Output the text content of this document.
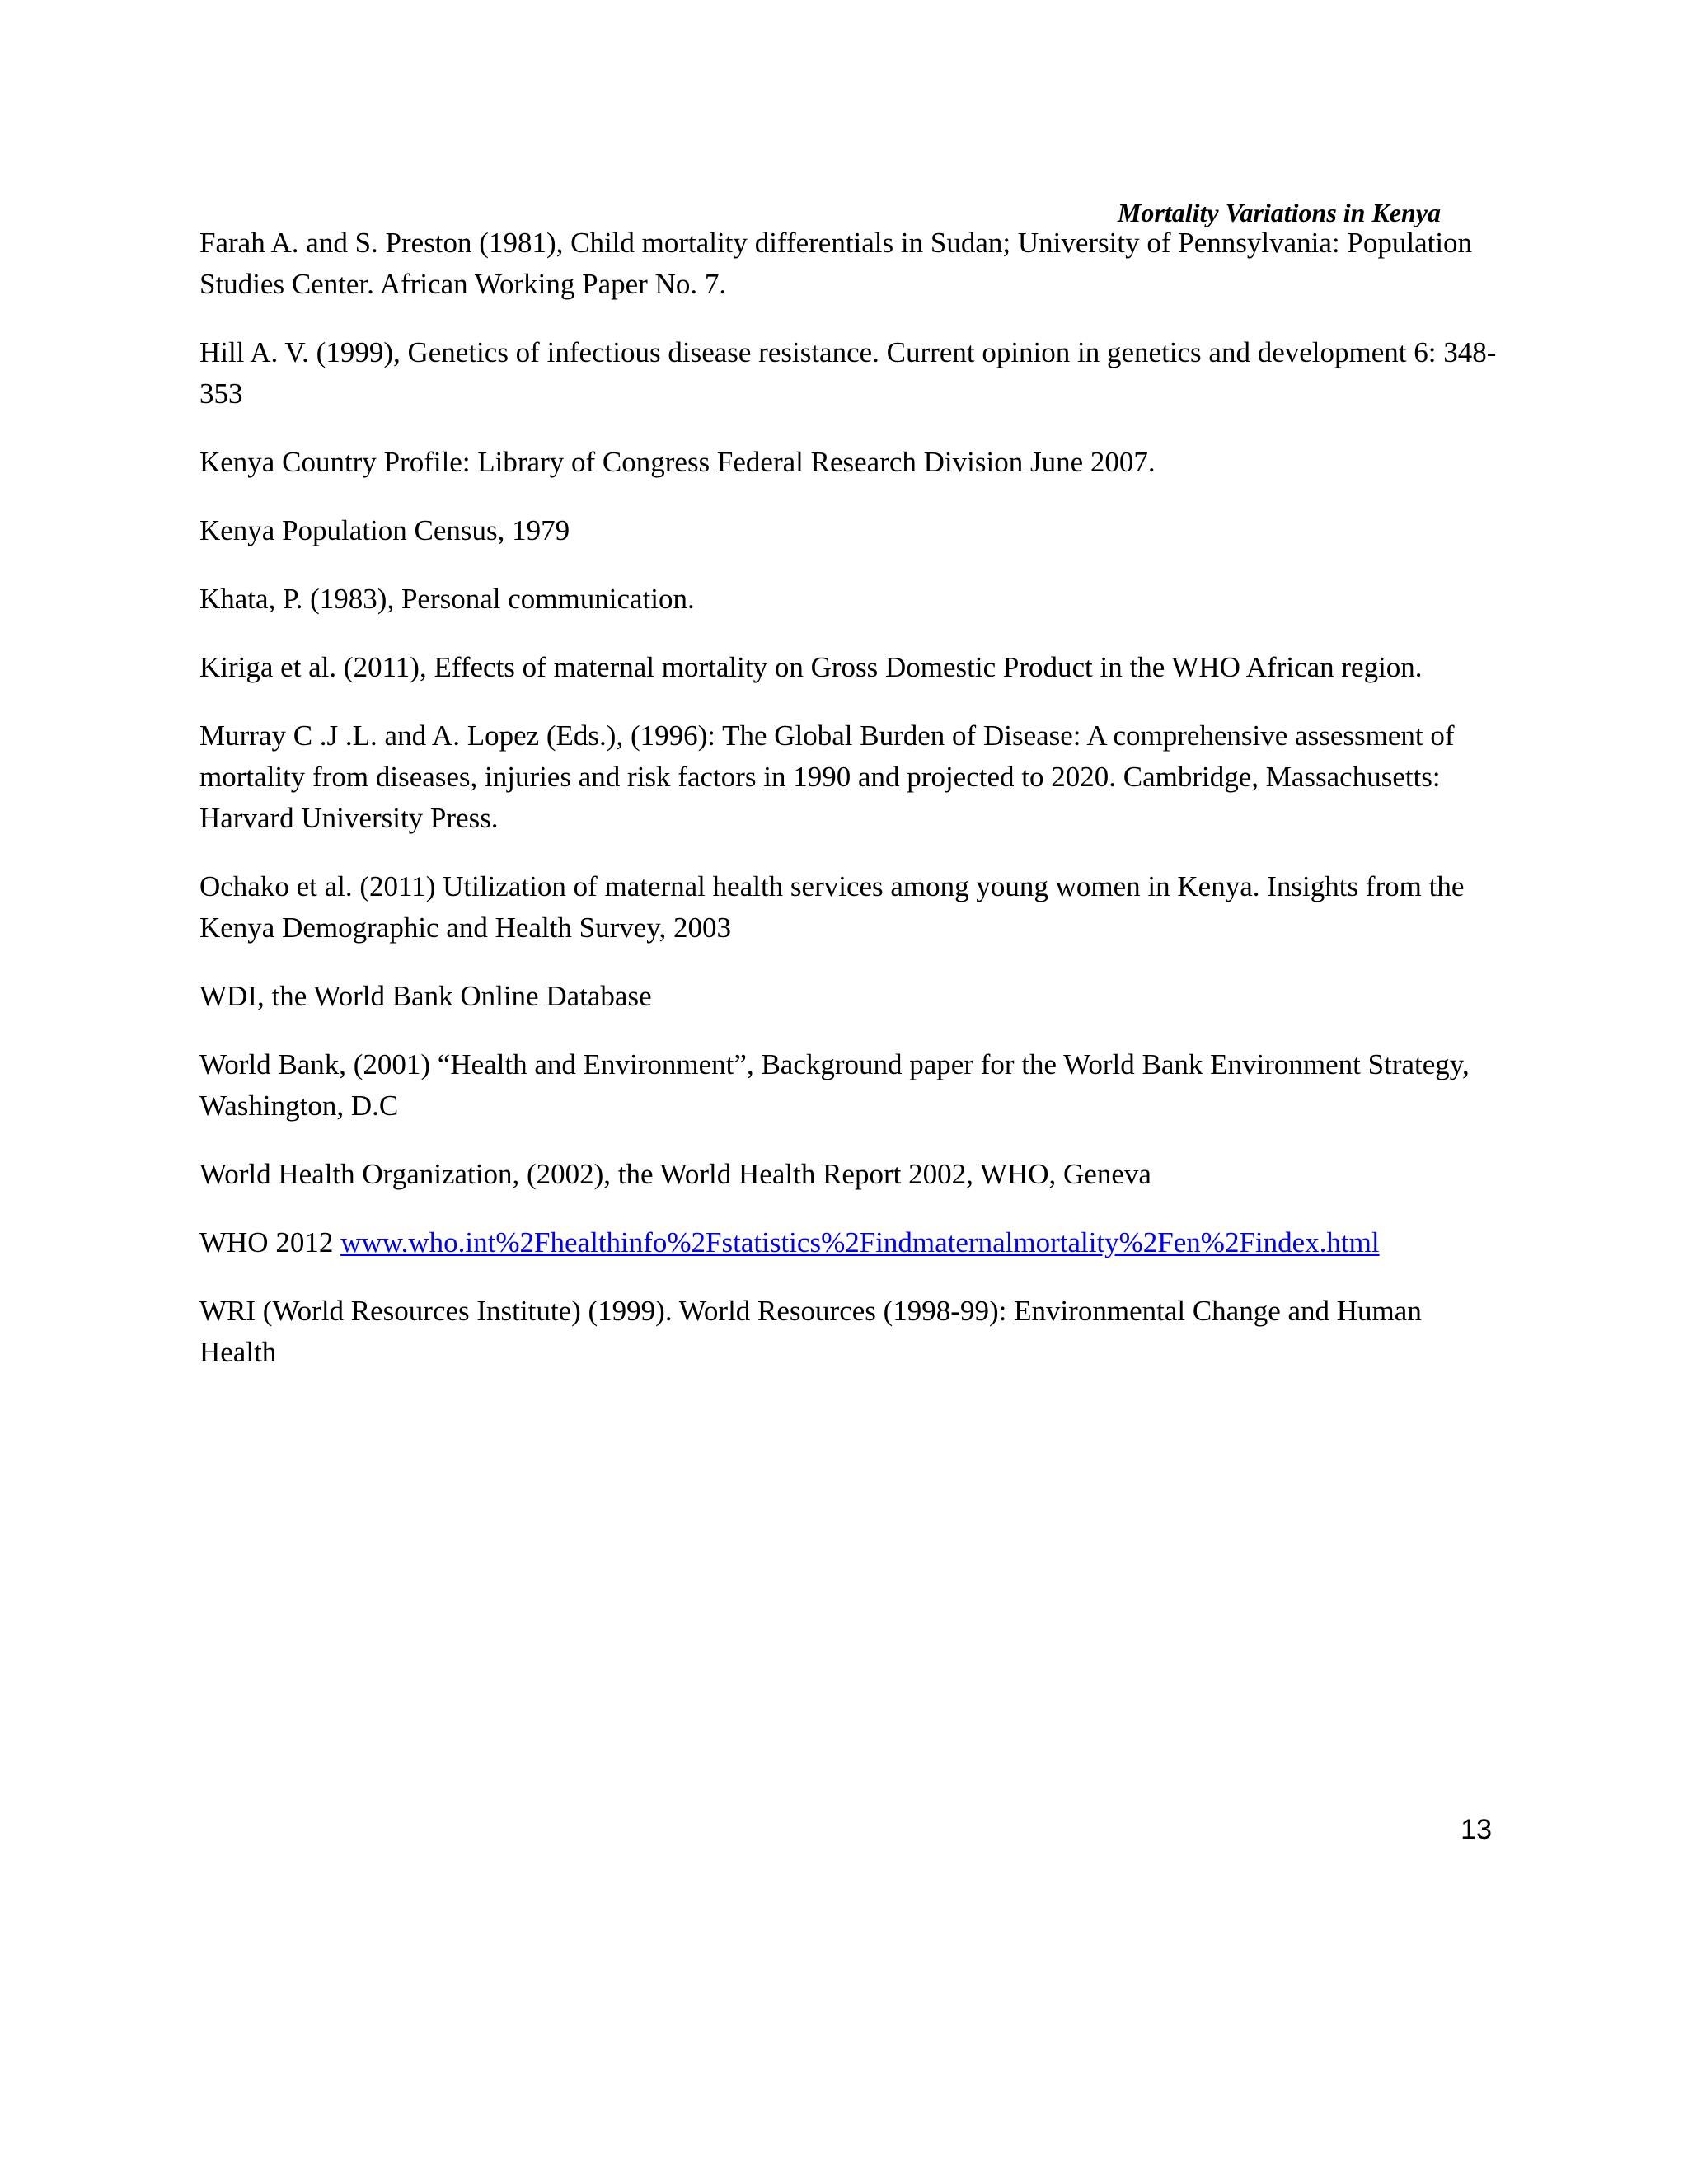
Mortality Variations in Kenya
Farah A. and S. Preston (1981), Child mortality differentials in Sudan; University of Pennsylvania: Population Studies Center. African Working Paper No. 7.
Hill A. V. (1999), Genetics of infectious disease resistance. Current opinion in genetics and development 6: 348-353
Kenya Country Profile: Library of Congress Federal Research Division June 2007.
Kenya Population Census, 1979
Khata, P. (1983), Personal communication.
Kiriga et al. (2011), Effects of maternal mortality on Gross Domestic Product in the WHO African region.
Murray C .J .L. and A. Lopez (Eds.), (1996): The Global Burden of Disease: A comprehensive assessment of mortality from diseases, injuries and risk factors in 1990 and projected to 2020. Cambridge, Massachusetts: Harvard University Press.
Ochako et al. (2011) Utilization of maternal health services among young women in Kenya. Insights from the Kenya Demographic and Health Survey, 2003
WDI, the World Bank Online Database
World Bank, (2001) “Health and Environment”, Background paper for the World Bank Environment Strategy, Washington, D.C
World Health Organization, (2002), the World Health Report 2002, WHO, Geneva
WHO 2012 www.who.int%2Fhealthinfo%2Fstatistics%2Findmaternalmortality%2Fen%2Findex.html
WRI (World Resources Institute) (1999). World Resources (1998-99): Environmental Change and Human Health
13
